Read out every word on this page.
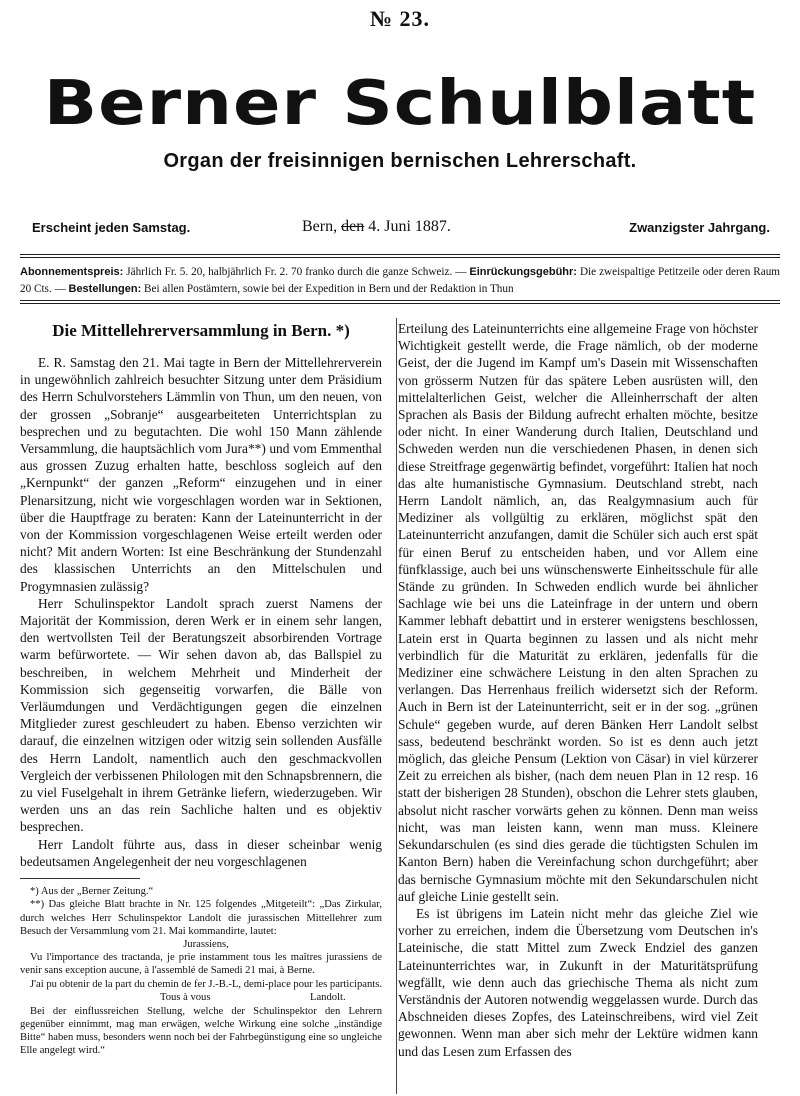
№ 23.
Berner Schulblatt
Organ der freisinnigen bernischen Lehrerschaft.
Erscheint jeden Samstag.	Bern, den 4. Juni 1887.	Zwanzigster Jahrgang.
Abonnementspreis: Jährlich Fr. 5. 20, halbjährlich Fr. 2. 70 franko durch die ganze Schweiz. — Einrückungsgebühr: Die zweispaltige Petitzeile oder deren Raum 20 Cts. — Bestellungen: Bei allen Postämtern, sowie bei der Expedition in Bern und der Redaktion in Thun
Die Mittellehrerversammlung in Bern. *)

E. R. Samstag den 21. Mai tagte in Bern der Mittellehrerverein in ungewöhnlich zahlreich besuchter Sitzung unter dem Präsidium des Herrn Schulvorstehers Lämmlin von Thun, um den neuen, von der grossen „Sobranje“ ausgearbeiteten Unterrichtsplan zu besprechen und zu begutachten. Die wohl 150 Mann zählende Versammlung, die hauptsächlich vom Jura**) und vom Emmenthal aus grossen Zuzug erhalten hatte, beschloss sogleich auf den „Kernpunkt“ der ganzen „Reform“ einzugehen und in einer Plenarsitzung, nicht wie vorgeschlagen worden war in Sektionen, über die Hauptfrage zu beraten: Kann der Lateinunterricht in der von der Kommission vorgeschlagenen Weise erteilt werden oder nicht? Mit andern Worten: Ist eine Beschränkung der Stundenzahl des klassischen Unterrichts an den Mittelschulen und Progymnasien zulässig?

Herr Schulinspektor Landolt sprach zuerst Namens der Majorität der Kommission, deren Werk er in einem sehr langen, den wertvollsten Teil der Beratungszeit absorbirenden Vortrage warm befürwortete. — Wir sehen davon ab, das Ballspiel zu beschreiben, in welchem Mehrheit und Minderheit der Kommission sich gegenseitig vorwarfen, die Bälle von Verläumdungen und Verdächtigungen gegen die einzelnen Mitglieder zurest geschleudert zu haben. Ebenso verzichten wir darauf, die einzelnen witzigen oder witzig sein sollenden Ausfälle des Herrn Landolt, namentlich auch den geschmackvollen Vergleich der verbissenen Philologen mit den Schnapsbrennern, die zu viel Fuselgehalt in ihrem Getränke liefern, wiederzugeben. Wir werden uns an das rein Sachliche halten und es objektiv besprechen.

Herr Landolt führte aus, dass in dieser scheinbar wenig bedeutsamen Angelegenheit der neu vorgeschlagenen

*) Aus der „Berner Zeitung.“

**) Das gleiche Blatt brachte in Nr. 125 folgendes „Mitgeteilt“: „Das Zirkular, durch welches Herr Schulinspektor Landolt die jurassischen Mittellehrer zum Besuch der Versammlung vom 21. Mai kommandirte, lautet:

Jurassiens,

Vu l'importance des tractanda, je prie instamment tous les maîtres jurassiens de venir sans exception aucune, à l'assemblé de Samedi 21 mai, à Berne.

J'ai pu obtenir de la part du chemin de fer J.-B.-L, demi-place pour les participants.

Tous à vous	Landolt.

Bei der einflussreichen Stellung, welche der Schulinspektor den Lehrern gegenüber einnimmt, mag man erwägen, welche Wirkung eine solche „inständige Bitte“ haben muss, besonders wenn noch bei der Fahrbegünstigung eine so ungleiche Elle angelegt wird.“

Erteilung des Lateinunterrichts eine allgemeine Frage von höchster Wichtigkeit gestellt werde, die Frage nämlich, ob der moderne Geist, der die Jugend im Kampf um's Dasein mit Wissenschaften von grösserm Nutzen für das spätere Leben ausrüsten will, den mittelalterlichen Geist, welcher die Alleinherrschaft der alten Sprachen als Basis der Bildung aufrecht erhalten möchte, besitze oder nicht. In einer Wanderung durch Italien, Deutschland und Schweden werden nun die verschiedenen Phasen, in denen sich diese Streitfrage gegenwärtig befindet, vorgeführt: Italien hat noch das alte humanistische Gymnasium. Deutschland strebt, nach Herrn Landolt nämlich, an, das Realgymnasium auch für Mediziner als vollgültig zu erklären, möglichst spät den Lateinunterricht anzufangen, damit die Schüler sich auch erst spät für einen Beruf zu entscheiden haben, und vor Allem eine fünfklassige, auch bei uns wünschenswerte Einheitsschule für alle Stände zu gründen. In Schweden endlich wurde bei ähnlicher Sachlage wie bei uns die Lateinfrage in der untern und obern Kammer lebhaft debattirt und in ersterer wenigstens beschlossen, Latein erst in Quarta beginnen zu lassen und als nicht mehr verbindlich für die Maturität zu erklären, jedenfalls für die Mediziner eine schwächere Leistung in den alten Sprachen zu verlangen. Das Herrenhaus freilich widersetzt sich der Reform. Auch in Bern ist der Lateinunterricht, seit er in der sog. „grünen Schule“ gegeben wurde, auf deren Bänken Herr Landolt selbst sass, bedeutend beschränkt worden. So ist es denn auch jetzt möglich, das gleiche Pensum (Lektion von Cäsar) in viel kürzerer Zeit zu erreichen als bisher, (nach dem neuen Plan in 12 resp. 16 statt der bisherigen 28 Stunden), obschon die Lehrer stets glauben, absolut nicht rascher vorwärts gehen zu können. Denn man weiss nicht, was man leisten kann, wenn man muss. Kleinere Sekundarschulen (es sind dies gerade die tüchtigsten Schulen im Kanton Bern) haben die Vereinfachung schon durchgeführt; aber das bernische Gymnasium möchte mit den Sekundarschulen nicht auf gleiche Linie gestellt sein.

Es ist übrigens im Latein nicht mehr das gleiche Ziel wie vorher zu erreichen, indem die Übersetzung vom Deutschen in's Lateinische, die statt Mittel zum Zweck Endziel des ganzen Lateinunterrichtes war, in Zukunft in der Maturitätsprüfung wegfällt, wie denn auch das griechische Thema als nicht zum Verständnis der Autoren notwendig weggelassen wurde. Durch das Abschneiden dieses Zopfes, des Lateinschreibens, wird viel Zeit gewonnen. Wenn man aber sich mehr der Lektüre widmen kann und das Lesen zum Erfassen des
